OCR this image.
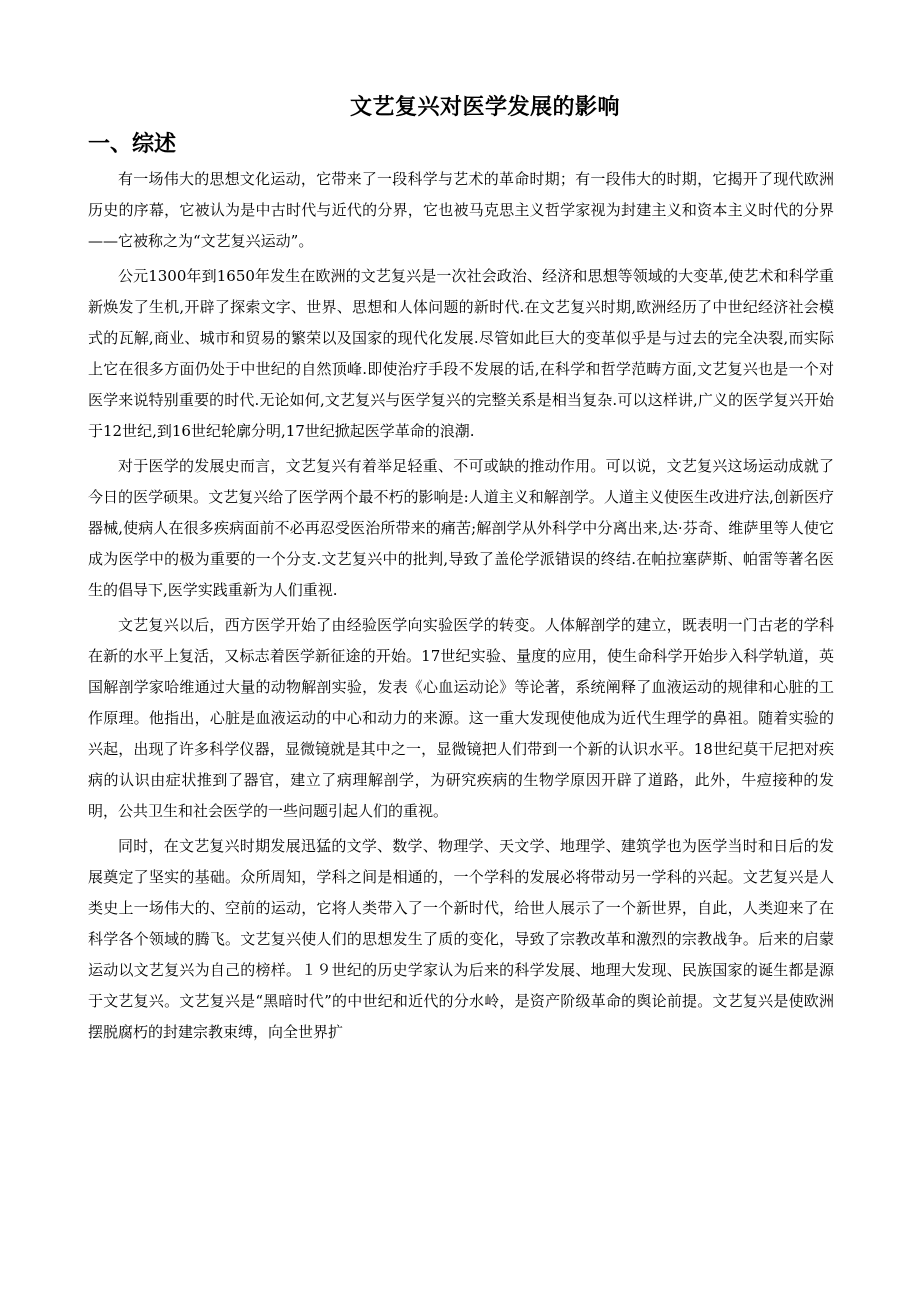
文艺复兴对医学发展的影响
一、综述

有一场伟大的思想文化运动，它带来了一段科学与艺术的革命时期；有一段伟大的时期，它揭开了现代欧洲历史的序幕，它被认为是中古时代与近代的分界，它也被马克思主义哲学家视为封建主义和资本主义时代的分界——它被称之为“文艺复兴运动”。

公元1300年到1650年发生在欧洲的文艺复兴是一次社会政治、经济和思想等领域的大变革,使艺术和科学重新焕发了生机,开辟了探索文字、世界、思想和人体问题的新时代.在文艺复兴时期,欧洲经历了中世纪经济社会模式的瓦解,商业、城市和贸易的繁荣以及国家的现代化发展.尽管如此巨大的变革似乎是与过去的完全决裂,而实际上它在很多方面仍处于中世纪的自然顶峰.即使治疗手段不发展的话,在科学和哲学范畴方面,文艺复兴也是一个对医学来说特别重要的时代.无论如何,文艺复兴与医学复兴的完整关系是相当复杂.可以这样讲,广义的医学复兴开始于12世纪,到16世纪轮廓分明,17世纪掀起医学革命的浪潮.

对于医学的发展史而言，文艺复兴有着举足轻重、不可或缺的推动作用。可以说，文艺复兴这场运动成就了今日的医学硕果。文艺复兴给了医学两个最不朽的影响是:人道主义和解剖学。人道主义使医生改进疗法,创新医疗器械,使病人在很多疾病面前不必再忍受医治所带来的痛苦;解剖学从外科学中分离出来,达·芬奇、维萨里等人使它成为医学中的极为重要的一个分支.文艺复兴中的批判,导致了盖伦学派错误的终结.在帕拉塞萨斯、帕雷等著名医生的倡导下,医学实践重新为人们重视.

文艺复兴以后，西方医学开始了由经验医学向实验医学的转变。人体解剖学的建立，既表明一门古老的学科在新的水平上复活，又标志着医学新征途的开始。17世纪实验、量度的应用，使生命科学开始步入科学轨道，英国解剖学家哈维通过大量的动物解剖实验，发表《心血运动论》等论著，系统阐释了血液运动的规律和心脏的工作原理。他指出，心脏是血液运动的中心和动力的来源。这一重大发现使他成为近代生理学的鼻祖。随着实验的兴起，出现了许多科学仪器，显微镜就是其中之一，显微镜把人们带到一个新的认识水平。18世纪莫干尼把对疾病的认识由症状推到了器官，建立了病理解剖学，为研究疾病的生物学原因开辟了道路，此外，牛痘接种的发明，公共卫生和社会医学的一些问题引起人们的重视。

同时，在文艺复兴时期发展迅猛的文学、数学、物理学、天文学、地理学、建筑学也为医学当时和日后的发展奠定了坚实的基础。众所周知，学科之间是相通的，一个学科的发展必将带动另一学科的兴起。文艺复兴是人类史上一场伟大的、空前的运动，它将人类带入了一个新时代，给世人展示了一个新世界，自此，人类迎来了在科学各个领域的腾飞。文艺复兴使人们的思想发生了质的变化，导致了宗教改革和激烈的宗教战争。后来的启蒙运动以文艺复兴为自己的榜样。１９世纪的历史学家认为后来的科学发展、地理大发现、民族国家的诞生都是源于文艺复兴。文艺复兴是“黑暗时代”的中世纪和近代的分水岭，是资产阶级革命的舆论前提。文艺复兴是使欧洲摆脱腐朽的封建宗教束缚，向全世界扩
